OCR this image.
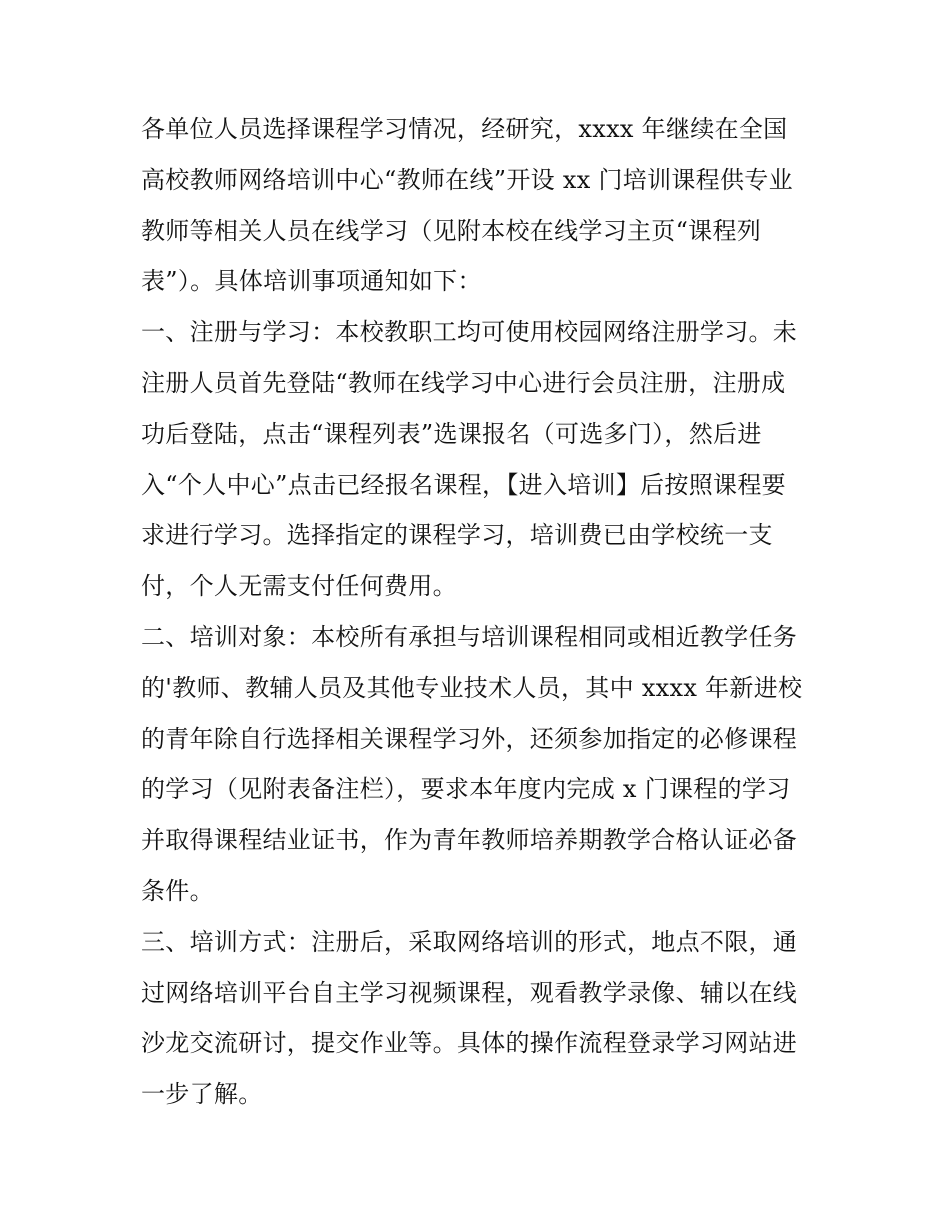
各单位人员选择课程学习情况，经研究，xxxx 年继续在全国
高校教师网络培训中心“教师在线”开设 xx 门培训课程供专业
教师等相关人员在线学习（见附本校在线学习主页“课程列
表”）。具体培训事项通知如下：
一、注册与学习：本校教职工均可使用校园网络注册学习。未
注册人员首先登陆“教师在线学习中心进行会员注册，注册成
功后登陆，点击“课程列表”选课报名（可选多门），然后进
入“个人中心”点击已经报名课程，【进入培训】后按照课程要
求进行学习。选择指定的课程学习，培训费已由学校统一支
付，个人无需支付任何费用。
二、培训对象：本校所有承担与培训课程相同或相近教学任务
的'教师、教辅人员及其他专业技术人员，其中 xxxx 年新进校
的青年除自行选择相关课程学习外，还须参加指定的必修课程
的学习（见附表备注栏），要求本年度内完成 x 门课程的学习
并取得课程结业证书，作为青年教师培养期教学合格认证必备
条件。
三、培训方式：注册后，采取网络培训的形式，地点不限，通
过网络培训平台自主学习视频课程，观看教学录像、辅以在线
沙龙交流研讨，提交作业等。具体的操作流程登录学习网站进
一步了解。
